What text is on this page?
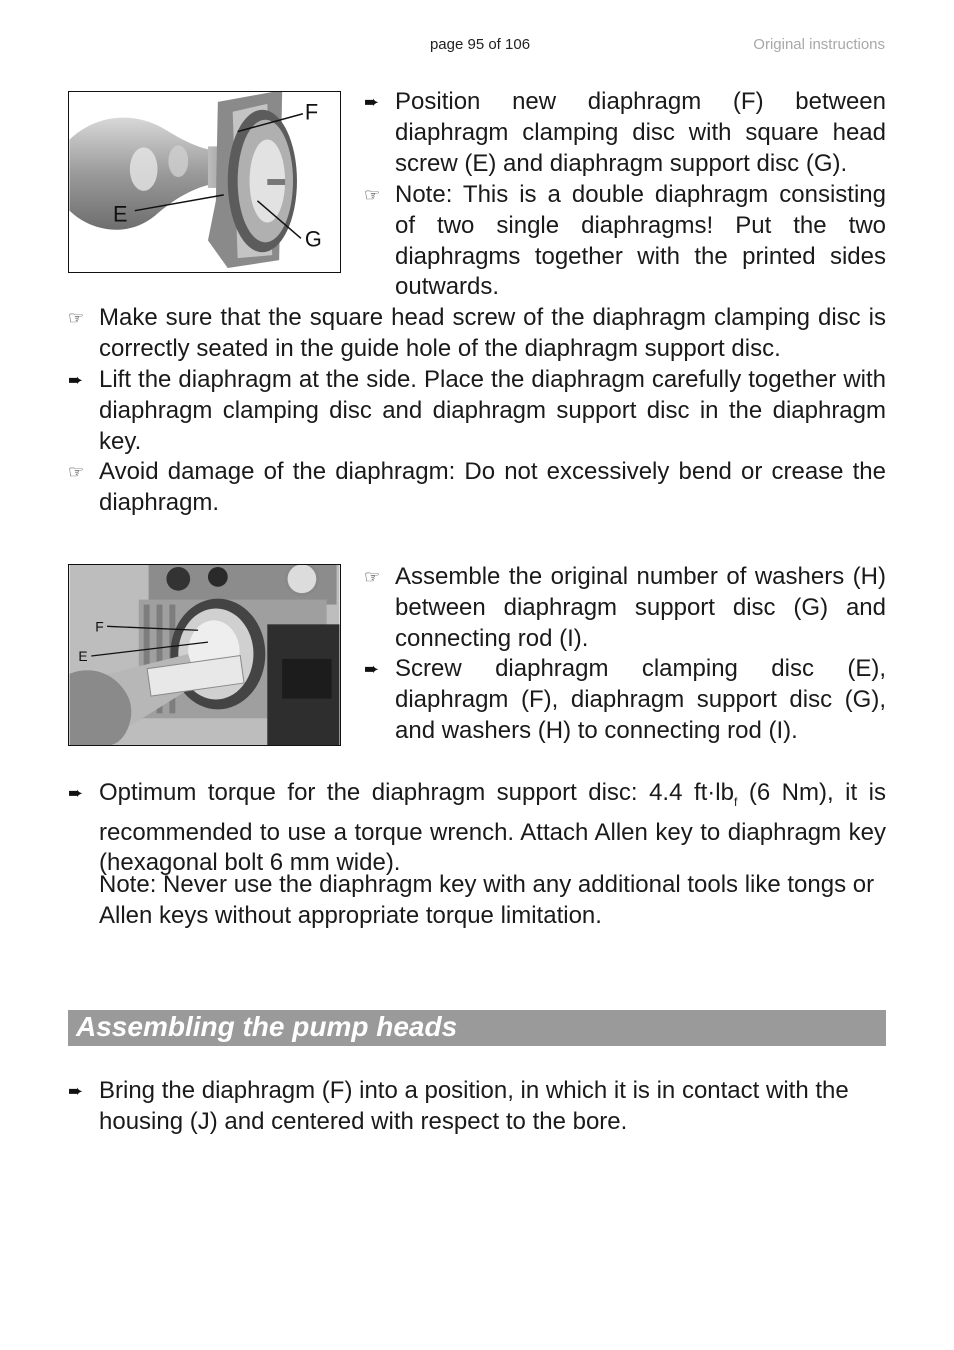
page 95 of 106	Original instructions
F
E
G
➨ Position new diaphragm (F) between diaphragm clamping disc with square head screw (E) and diaphragm support disc (G).
☞ Note: This is a double diaphragm consisting of two single diaphragms! Put the two diaphragms together with the printed sides outwards.
☞ Make sure that the square head screw of the diaphragm clamping disc is correctly seated in the guide hole of the diaphragm support disc.
➨ Lift the diaphragm at the side. Place the diaphragm carefully together with diaphragm clamping disc and diaphragm support disc in the diaphragm key.
☞ Avoid damage of the diaphragm: Do not excessively bend or crease the diaphragm.
F
E
☞ Assemble the original number of washers (H) between diaphragm support disc (G) and connecting rod (I).
➨ Screw diaphragm clamping disc (E), diaphragm (F), diaphragm support disc (G), and washers (H) to connecting rod (I).
➨ Optimum torque for the diaphragm support disc: 4.4 $ft\cdot lb_f$ (6 Nm), it is recommended to use a torque wrench. Attach Allen key to diaphragm key (hexagonal bolt 6 mm wide).
Note: Never use the diaphragm key with any additional tools like tongs or Allen keys without appropriate torque limitation.
Assembling the pump heads
➨ Bring the diaphragm (F) into a position, in which it is in contact with the housing (J) and centered with respect to the bore.
